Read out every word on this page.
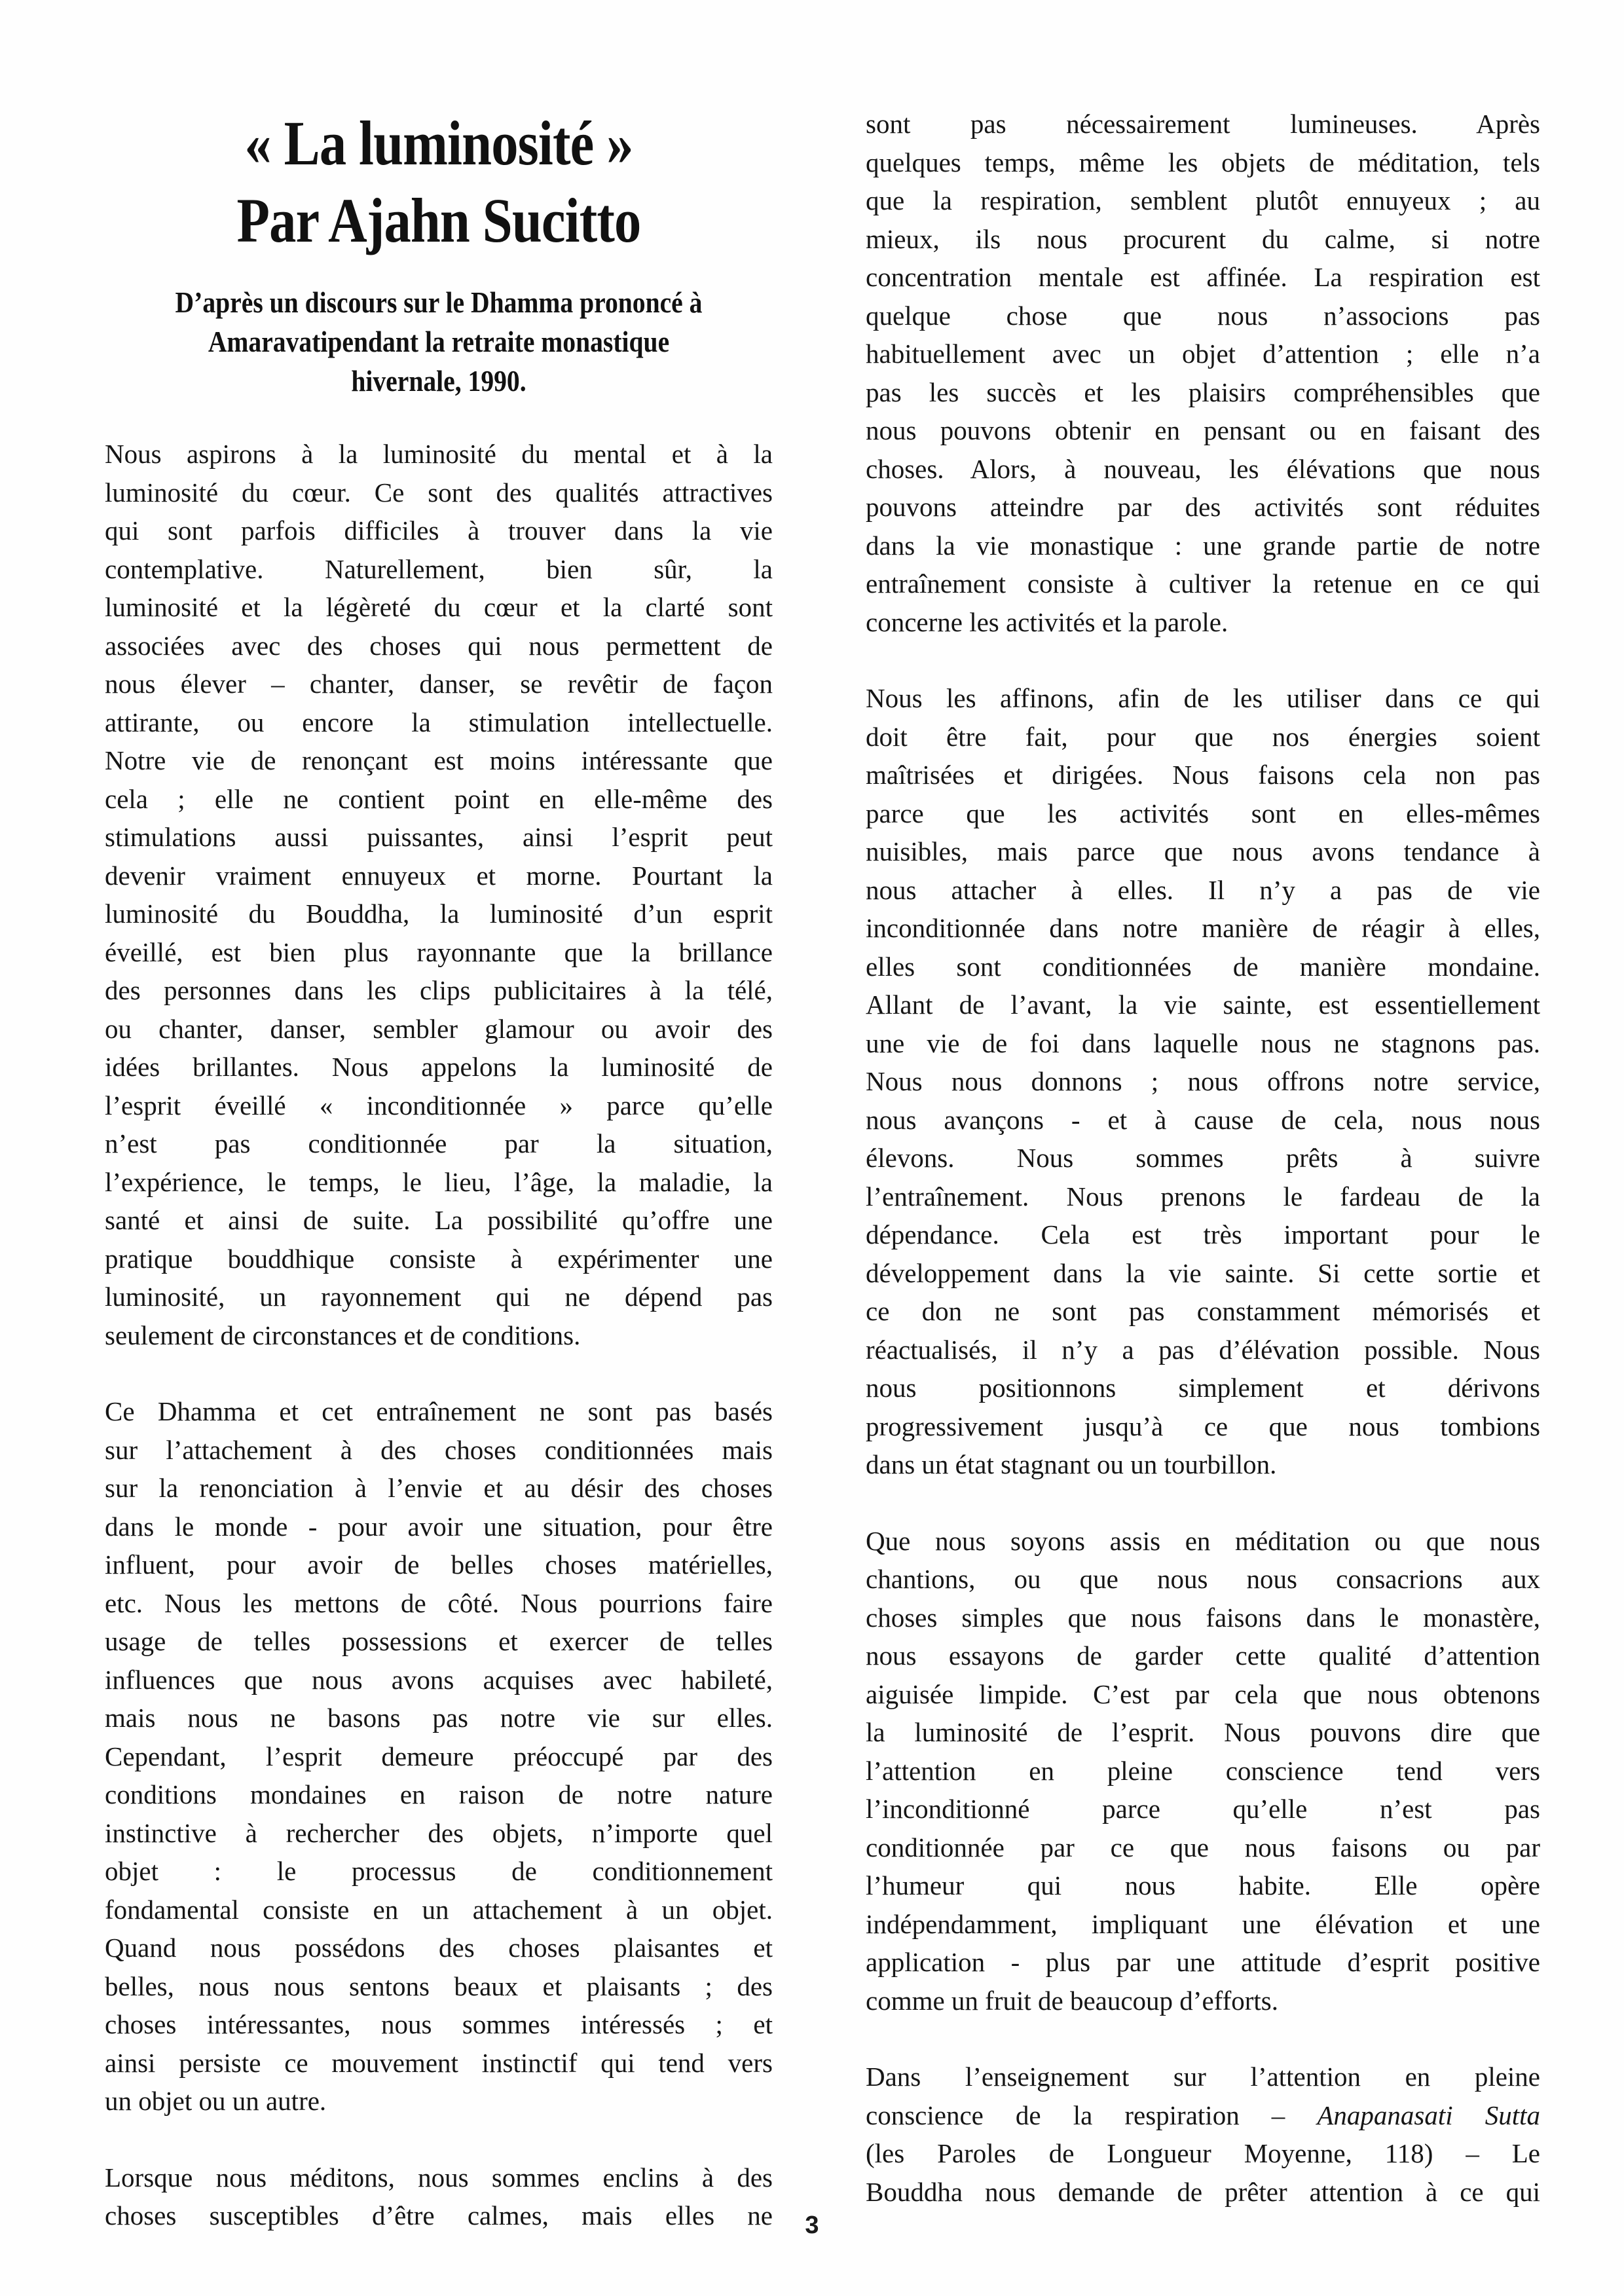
« La luminosité »
Par Ajahn Sucitto
D’après un discours sur le Dhamma prononcé à
Amaravatipendant la retraite monastique
hivernale, 1990.
Nous aspirons à la luminosité du mental et à la
luminosité du cœur. Ce sont des qualités attractives
qui sont parfois difficiles à trouver dans la vie
contemplative. Naturellement, bien sûr, la
luminosité et la légèreté du cœur et la clarté sont
associées avec des choses qui nous permettent de
nous élever – chanter, danser, se revêtir de façon
attirante, ou encore la stimulation intellectuelle.
Notre vie de renonçant est moins intéressante que
cela ; elle ne contient point en elle-même des
stimulations aussi puissantes, ainsi l’esprit peut
devenir vraiment ennuyeux et morne. Pourtant la
luminosité du Bouddha, la luminosité d’un esprit
éveillé, est bien plus rayonnante que la brillance
des personnes dans les clips publicitaires à la télé,
ou chanter, danser, sembler glamour ou avoir des
idées brillantes. Nous appelons la luminosité de
l’esprit éveillé « inconditionnée » parce qu’elle
n’est pas conditionnée par la situation,
l’expérience, le temps, le lieu, l’âge, la maladie, la
santé et ainsi de suite. La possibilité qu’offre une
pratique bouddhique consiste à expérimenter une
luminosité, un rayonnement qui ne dépend pas
seulement de circonstances et de conditions.
Ce Dhamma et cet entraînement ne sont pas basés
sur l’attachement à des choses conditionnées mais
sur la renonciation à l’envie et au désir des choses
dans le monde - pour avoir une situation, pour être
influent, pour avoir de belles choses matérielles,
etc. Nous les mettons de côté. Nous pourrions faire
usage de telles possessions et exercer de telles
influences que nous avons acquises avec habileté,
mais nous ne basons pas notre vie sur elles.
Cependant, l’esprit demeure préoccupé par des
conditions mondaines en raison de notre nature
instinctive à rechercher des objets, n’importe quel
objet : le processus de conditionnement
fondamental consiste en un attachement à un objet.
Quand nous possédons des choses plaisantes et
belles, nous nous sentons beaux et plaisants ; des
choses intéressantes, nous sommes intéressés ; et
ainsi persiste ce mouvement instinctif qui tend vers
un objet ou un autre.
Lorsque nous méditons, nous sommes enclins à des
choses susceptibles d’être calmes, mais elles ne
sont pas nécessairement lumineuses. Après
quelques temps, même les objets de méditation, tels
que la respiration, semblent plutôt ennuyeux ; au
mieux, ils nous procurent du calme, si notre
concentration mentale est affinée. La respiration est
quelque chose que nous n’associons pas
habituellement avec un objet d’attention ; elle n’a
pas les succès et les plaisirs compréhensibles que
nous pouvons obtenir en pensant ou en faisant des
choses. Alors, à nouveau, les élévations que nous
pouvons atteindre par des activités sont réduites
dans la vie monastique : une grande partie de notre
entraînement consiste à cultiver la retenue en ce qui
concerne les activités et la parole.
Nous les affinons, afin de les utiliser dans ce qui
doit être fait, pour que nos énergies soient
maîtrisées et dirigées. Nous faisons cela non pas
parce que les activités sont en elles-mêmes
nuisibles, mais parce que nous avons tendance à
nous attacher à elles. Il n’y a pas de vie
inconditionnée dans notre manière de réagir à elles,
elles sont conditionnées de manière mondaine.
Allant de l’avant, la vie sainte, est essentiellement
une vie de foi dans laquelle nous ne stagnons pas.
Nous nous donnons ; nous offrons notre service,
nous avançons - et à cause de cela, nous nous
élevons. Nous sommes prêts à suivre
l’entraînement. Nous prenons le fardeau de la
dépendance. Cela est très important pour le
développement dans la vie sainte. Si cette sortie et
ce don ne sont pas constamment mémorisés et
réactualisés, il n’y a pas d’élévation possible. Nous
nous positionnons simplement et dérivons
progressivement jusqu’à ce que nous tombions
dans un état stagnant ou un tourbillon.
Que nous soyons assis en méditation ou que nous
chantions, ou que nous nous consacrions aux
choses simples que nous faisons dans le monastère,
nous essayons de garder cette qualité d’attention
aiguisée limpide. C’est par cela que nous obtenons
la luminosité de l’esprit. Nous pouvons dire que
l’attention en pleine conscience tend vers
l’inconditionné parce qu’elle n’est pas
conditionnée par ce que nous faisons ou par
l’humeur qui nous habite. Elle opère
indépendamment, impliquant une élévation et une
application - plus par une attitude d’esprit positive
comme un fruit de beaucoup d’efforts.
Dans l’enseignement sur l’attention en pleine
conscience de la respiration – Anapanasati Sutta
(les Paroles de Longueur Moyenne, 118) – Le
Bouddha nous demande de prêter attention à ce qui
3
